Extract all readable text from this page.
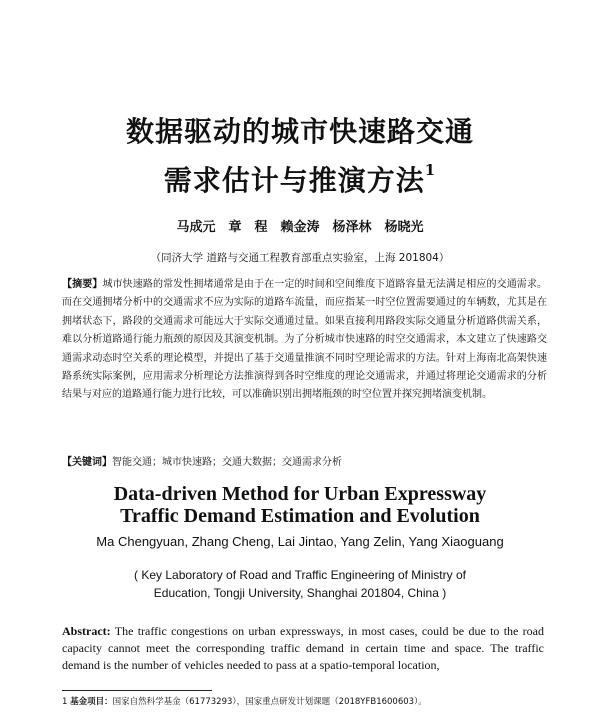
数据驱动的城市快速路交通
需求估计与推演方法$^1$
马成元　章　程　赖金涛　杨泽林　杨晓光
（同济大学 道路与交通工程教育部重点实验室，上海 201804）
【摘要】城市快速路的常发性拥堵通常是由于在一定的时间和空间维度下道路容量无法满足相应的交通需求。而在交通拥堵分析中的交通需求不应为实际的道路车流量，而应指某一时空位置需要通过的车辆数，尤其是在拥堵状态下，路段的交通需求可能远大于实际交通通过量。如果直接利用路段实际交通量分析道路供需关系，难以分析道路通行能力瓶颈的原因及其演变机制。为了分析城市快速路的时空交通需求，本文建立了快速路交通需求动态时空关系的理论模型，并提出了基于交通量推演不同时空理论需求的方法。针对上海南北高架快速路系统实际案例，应用需求分析理论方法推演得到各时空维度的理论交通需求，并通过将理论交通需求的分析结果与对应的道路通行能力进行比较，可以准确识别出拥堵瓶颈的时空位置并探究拥堵演变机制。
【关键词】智能交通；城市快速路；交通大数据；交通需求分析
Data-driven Method for Urban Expressway
Traffic Demand Estimation and Evolution
Ma Chengyuan, Zhang Cheng, Lai Jintao, Yang Zelin, Yang Xiaoguang
( Key Laboratory of Road and Traffic Engineering of Ministry of
Education, Tongji University, Shanghai 201804, China )
Abstract: The traffic congestions on urban expressways, in most cases, could be due to the road capacity cannot meet the corresponding traffic demand in certain time and space. The traffic demand is the number of vehicles needed to pass at a spatio-temporal location,
1 基金项目：国家自然科学基金（61773293），国家重点研发计划课题（2018YFB1600603）。
